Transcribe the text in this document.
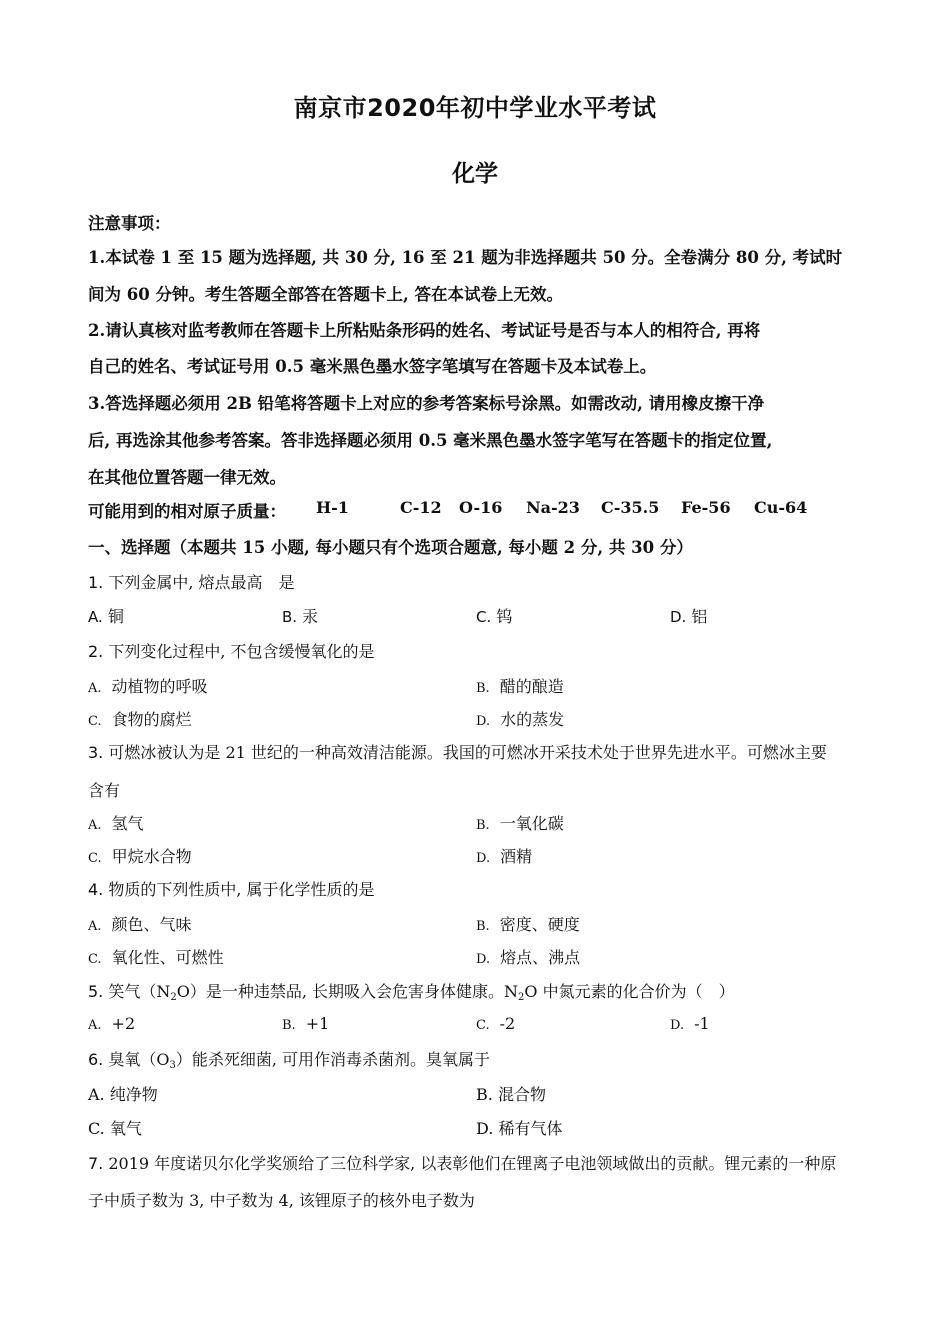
南京市2020年初中学业水平考试
化学
注意事项：
1.本试卷 1 至 15 题为选择题, 共 30 分, 16 至 21 题为非选择题共 50 分。全卷满分 80 分, 考试时
间为 60 分钟。考生答题全部答在答题卡上, 答在本试卷上无效。
2.请认真核对监考教师在答题卡上所粘贴条形码的姓名、考试证号是否与本人的相符合, 再将
自己的姓名、考试证号用 0.5 毫米黑色墨水签字笔填写在答题卡及本试卷上。
3.答选择题必须用 2B 铅笔将答题卡上对应的参考答案标号涂黑。如需改动, 请用橡皮擦干净
后, 再选涂其他参考答案。答非选择题必须用 0.5 毫米黑色墨水签字笔写在答题卡的指定位置,
在其他位置答题一律无效。
可能用到的相对原子质量： H-1	C-12 O-16 Na-23 C-35.5 Fe-56 Cu-64
一、选择题（本题共 15 小题, 每小题只有个选项合题意, 每小题 2 分, 共 30 分）
1. 下列金属中, 熔点最高　是
A. 铜	B. 汞	C. 钨	D. 铝
2. 下列变化过程中, 不包含缓慢氧化的是
A. 动植物的呼吸	B. 醋的酿造
C. 食物的腐烂	D. 水的蒸发
3. 可燃冰被认为是 21 世纪的一种高效清洁能源。我国的可燃冰开采技术处于世界先进水平。可燃冰主要
含有
A. 氢气	B. 一氧化碳
C. 甲烷水合物	D. 酒精
4. 物质的下列性质中, 属于化学性质的是
A. 颜色、气味	B. 密度、硬度
C. 氧化性、可燃性	D. 熔点、沸点
5. 笑气$(N_2O)$是一种违禁品, 长期吸入会危害身体健康。$N_2O$ 中氮元素的化合价为（　）
A. +2	B. +1	C. -2	D. -1
6. 臭氧$(O_3)$能杀死细菌, 可用作消毒杀菌剂。臭氧属于
A. 纯净物	B. 混合物
C. 氧气	D. 稀有气体
7. 2019 年度诺贝尔化学奖颁给了三位科学家, 以表彰他们在锂离子电池领域做出的贡献。锂元素的一种原
子中质子数为 3, 中子数为 4, 该锂原子的核外电子数为
